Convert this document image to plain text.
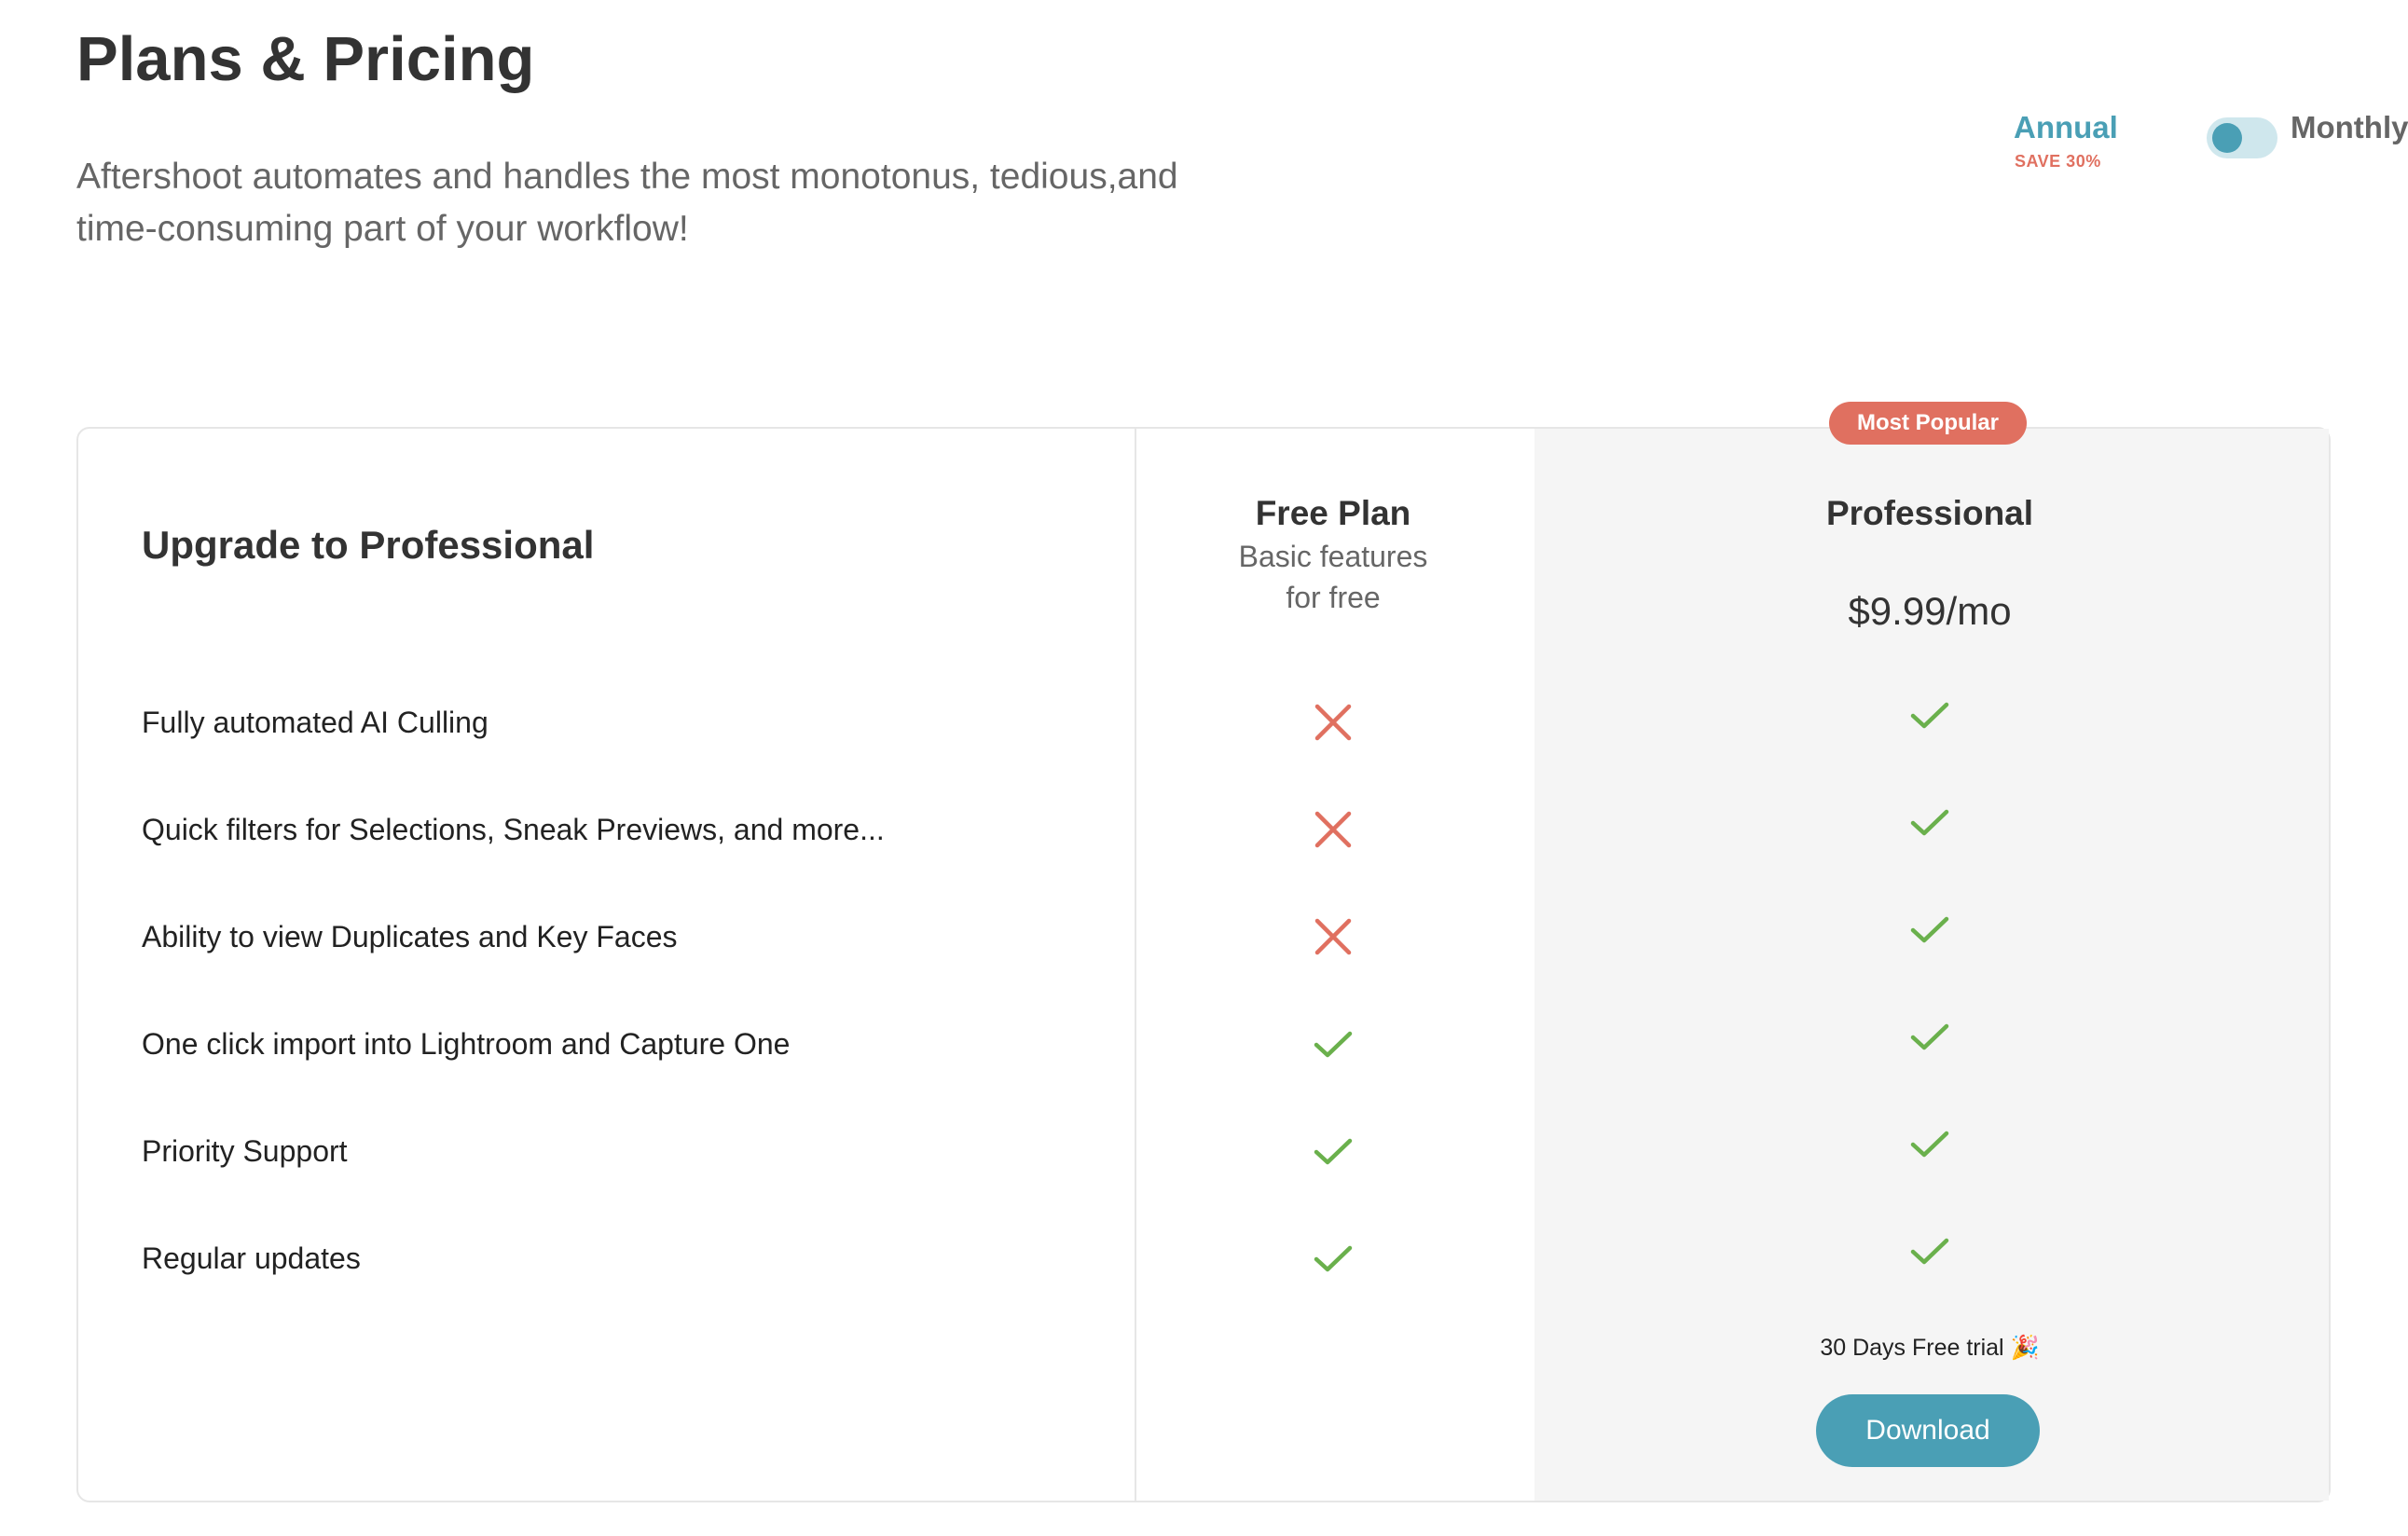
Plans & Pricing

Aftershoot automates and handles the most monotonus, tedious,and
time-consuming part of your workflow!

Annual
SAVE 30%
Monthly
Most Popular
Upgrade to Professional
Free Plan
Basic features
for free
Professional
$9.99/mo
Fully automated AI Culling
Quick filters for Selections, Sneak Previews, and more...
Ability to view Duplicates and Key Faces
One click import into Lightroom and Capture One
Priority Support
Regular updates
30 Days Free trial 🎉
Download
